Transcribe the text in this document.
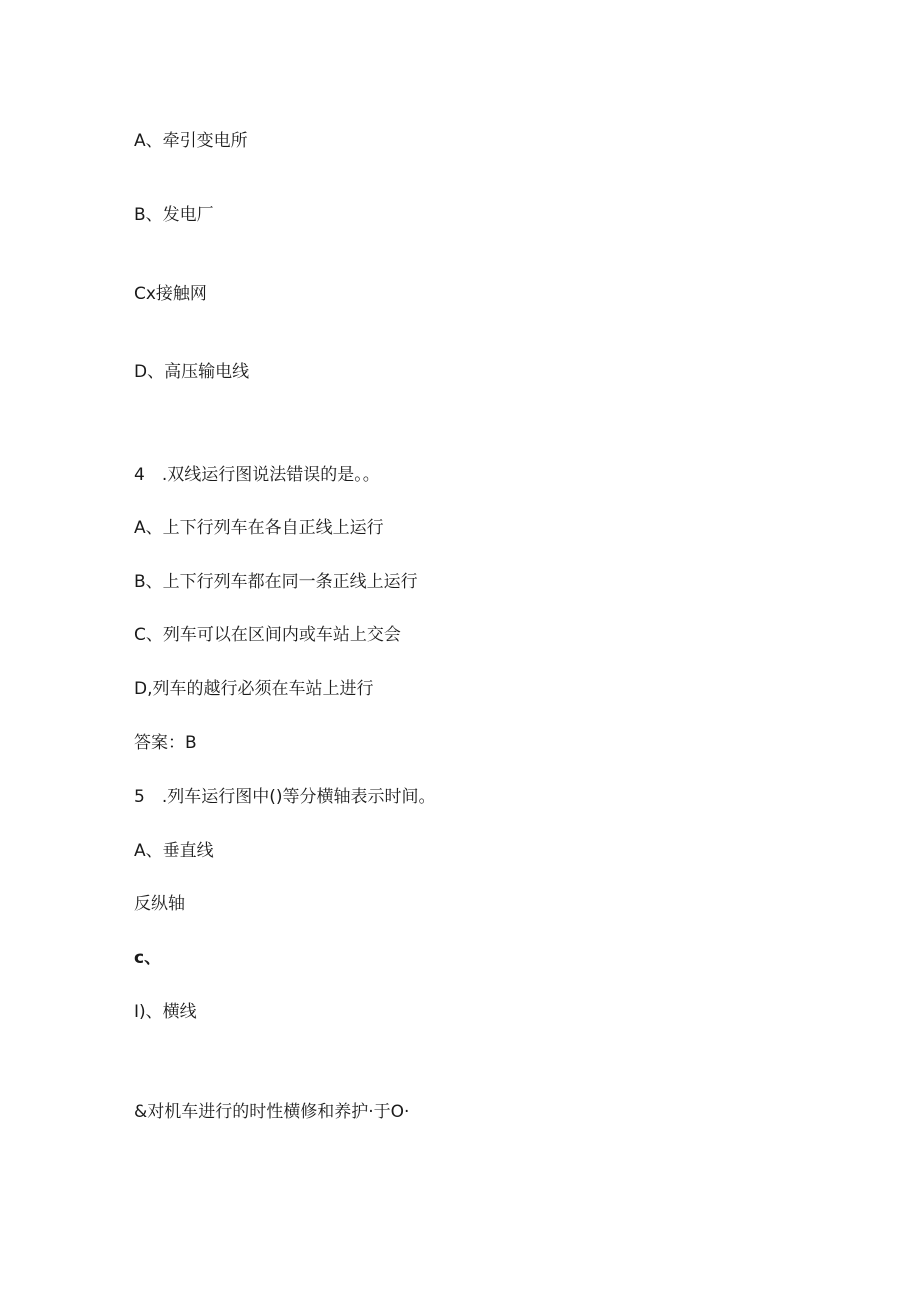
A、牵引变电所
B、发电厂
Cx接触网
D、高压输电线
4　.双线运行图说法错误的是。。
A、上下行列车在各自正线上运行
B、上下行列车都在同一条正线上运行
C、列车可以在区间内或车站上交会
D,列车的越行必须在车站上进行
答案：B
5　.列车运行图中()等分横轴表示时间。
A、垂直线
反纵轴
c、
I)、横线
&对机车进行的时性横修和养护·于O·
